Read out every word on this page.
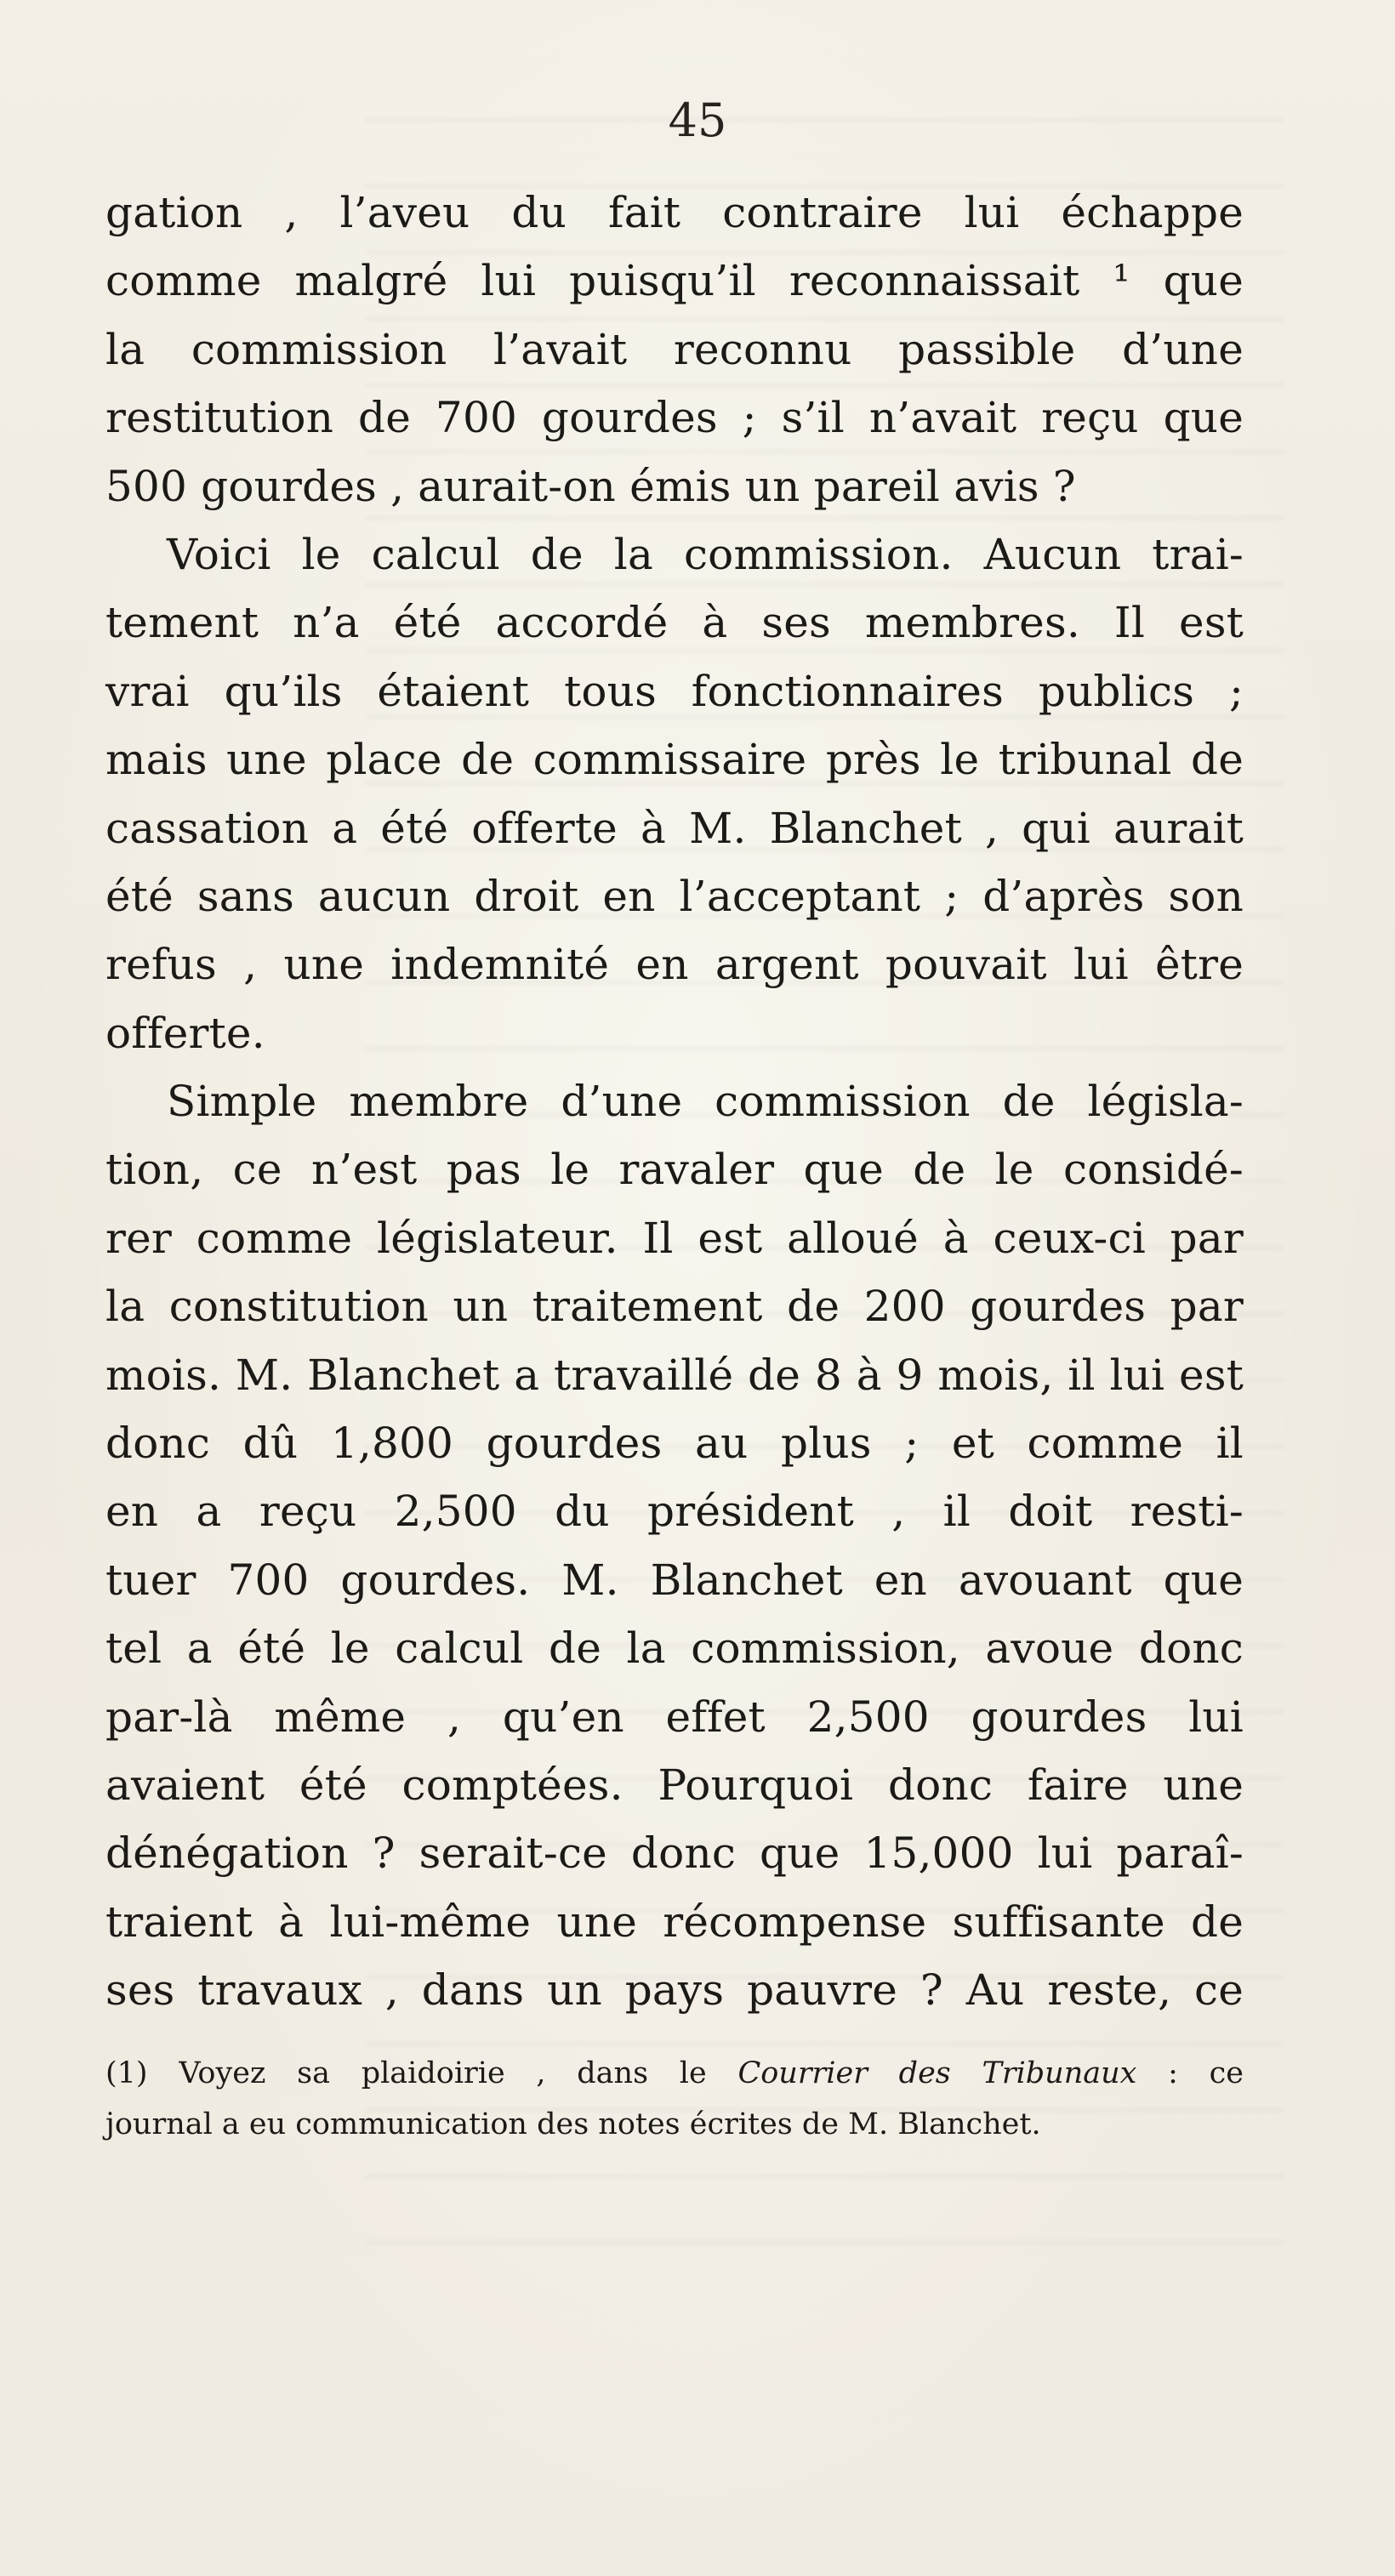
45
gation , l’aveu du fait contraire lui échappe
comme malgré lui puisqu’il reconnaissait ¹ que
la commission l’avait reconnu passible d’une
restitution de 700 gourdes ; s’il n’avait reçu que
500 gourdes , aurait-on émis un pareil avis ?
Voici le calcul de la commission. Aucun trai-
tement n’a été accordé à ses membres. Il est
vrai qu’ils étaient tous fonctionnaires publics ;
mais une place de commissaire près le tribunal de
cassation a été offerte à M. Blanchet , qui aurait
été sans aucun droit en l’acceptant ; d’après son
refus , une indemnité en argent pouvait lui être
offerte.
Simple membre d’une commission de législa-
tion, ce n’est pas le ravaler que de le considé-
rer comme législateur. Il est alloué à ceux-ci par
la constitution un traitement de 200 gourdes par
mois. M. Blanchet a travaillé de 8 à 9 mois, il lui est
donc dû 1,800 gourdes au plus ; et comme il
en a reçu 2,500 du président , il doit resti-
tuer 700 gourdes. M. Blanchet en avouant que
tel a été le calcul de la commission, avoue donc
par-là même , qu’en effet 2,500 gourdes lui
avaient été comptées. Pourquoi donc faire une
dénégation ? serait-ce donc que 15,000 lui paraî-
traient à lui-même une récompense suffisante de
ses travaux , dans un pays pauvre ? Au reste, ce
(1) Voyez sa plaidoirie , dans le Courrier des Tribunaux : ce
journal a eu communication des notes écrites de M. Blanchet.
